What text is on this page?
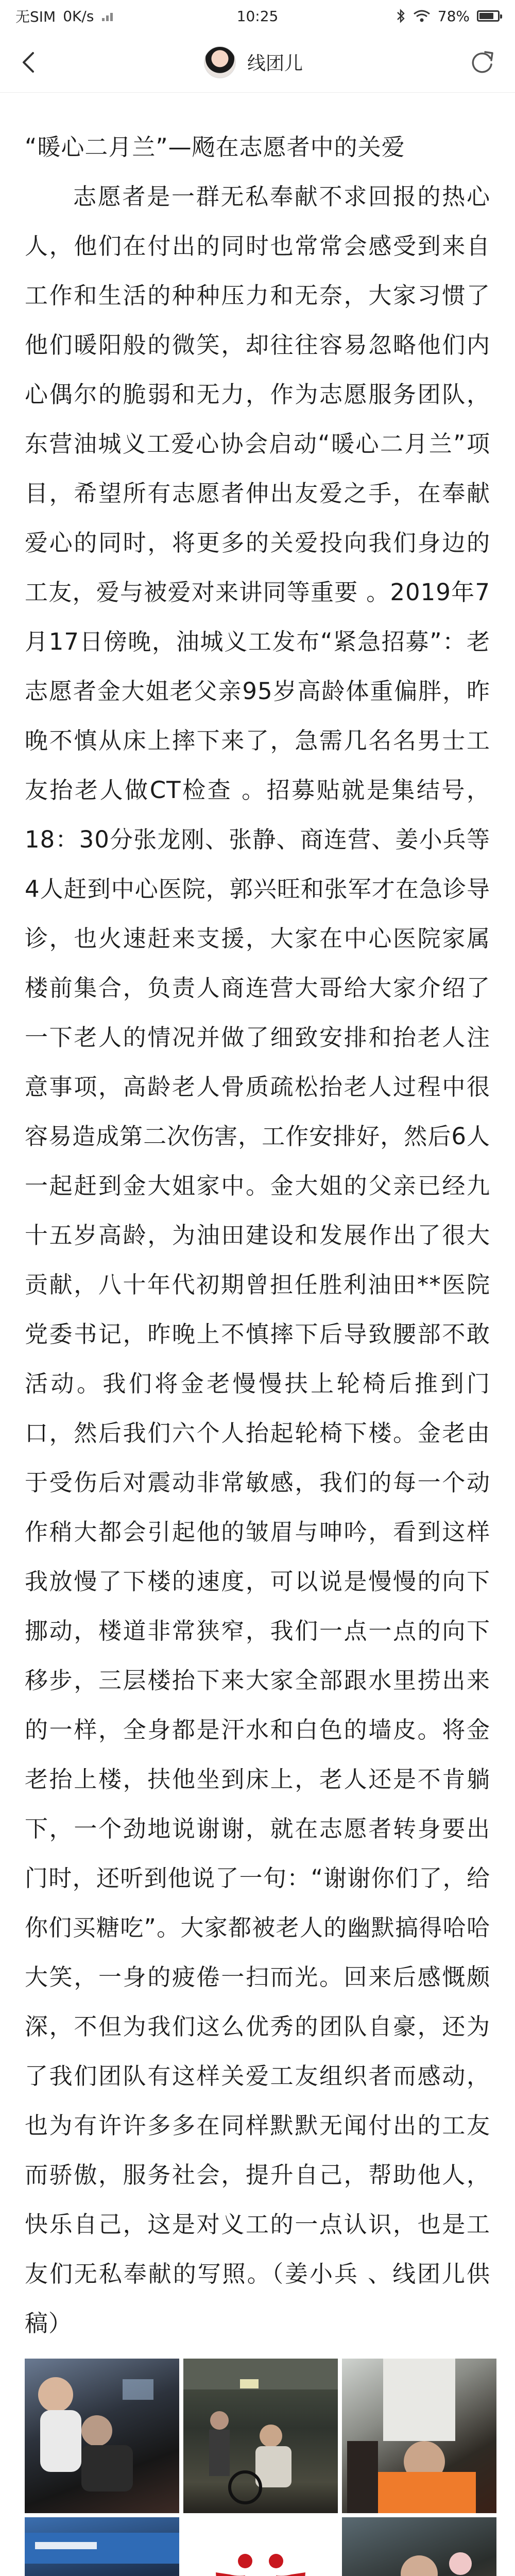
无SIM 0K/s	10:25	78%
线团儿

“暖心二月兰”—飏在志愿者中的关爱

志愿者是一群无私奉献不求回报的热心人，他们在付出的同时也常常会感受到来自工作和生活的种种压力和无奈，大家习惯了他们暖阳般的微笑，却往往容易忽略他们内心偶尔的脆弱和无力，作为志愿服务团队，东营油城义工爱心协会启动“暖心二月兰”项目，希望所有志愿者伸出友爱之手，在奉献爱心的同时，将更多的关爱投向我们身边的工友，爱与被爱对来讲同等重要 。2019年7月17日傍晚，油城义工发布“紧急招募”：老志愿者金大姐老父亲95岁高龄体重偏胖，昨晚不慎从床上摔下来了，急需几名名男士工友抬老人做CT检查 。招募贴就是集结号，18：30分张龙刚、张静、商连营、姜小兵等4人赶到中心医院，郭兴旺和张军才在急诊导诊，也火速赶来支援，大家在中心医院家属楼前集合，负责人商连营大哥给大家介绍了一下老人的情况并做了细致安排和抬老人注意事项，高龄老人骨质疏松抬老人过程中很容易造成第二次伤害，工作安排好，然后6人一起赶到金大姐家中。金大姐的父亲已经九十五岁高龄，为油田建设和发展作出了很大贡献，八十年代初期曾担任胜利油田**医院党委书记，昨晚上不慎摔下后导致腰部不敢活动。我们将金老慢慢扶上轮椅后推到门口，然后我们六个人抬起轮椅下楼。金老由于受伤后对震动非常敏感，我们的每一个动作稍大都会引起他的皱眉与呻吟，看到这样我放慢了下楼的速度，可以说是慢慢的向下挪动，楼道非常狭窄，我们一点一点的向下移步，三层楼抬下来大家全部跟水里捞出来的一样，全身都是汗水和白色的墙皮。将金老抬上楼，扶他坐到床上，老人还是不肯躺下，一个劲地说谢谢，就在志愿者转身要出门时，还听到他说了一句：“谢谢你们了，给你们买糖吃”。大家都被老人的幽默搞得哈哈大笑，一身的疲倦一扫而光。回来后感慨颇深，不但为我们这么优秀的团队自豪，还为了我们团队有这样关爱工友组织者而感动，也为有许许多多在同样默默无闻付出的工友而骄傲，服务社会，提升自己，帮助他人，快乐自己，这是对义工的一点认识，也是工友们无私奉献的写照。（姜小兵 、线团儿供稿）
